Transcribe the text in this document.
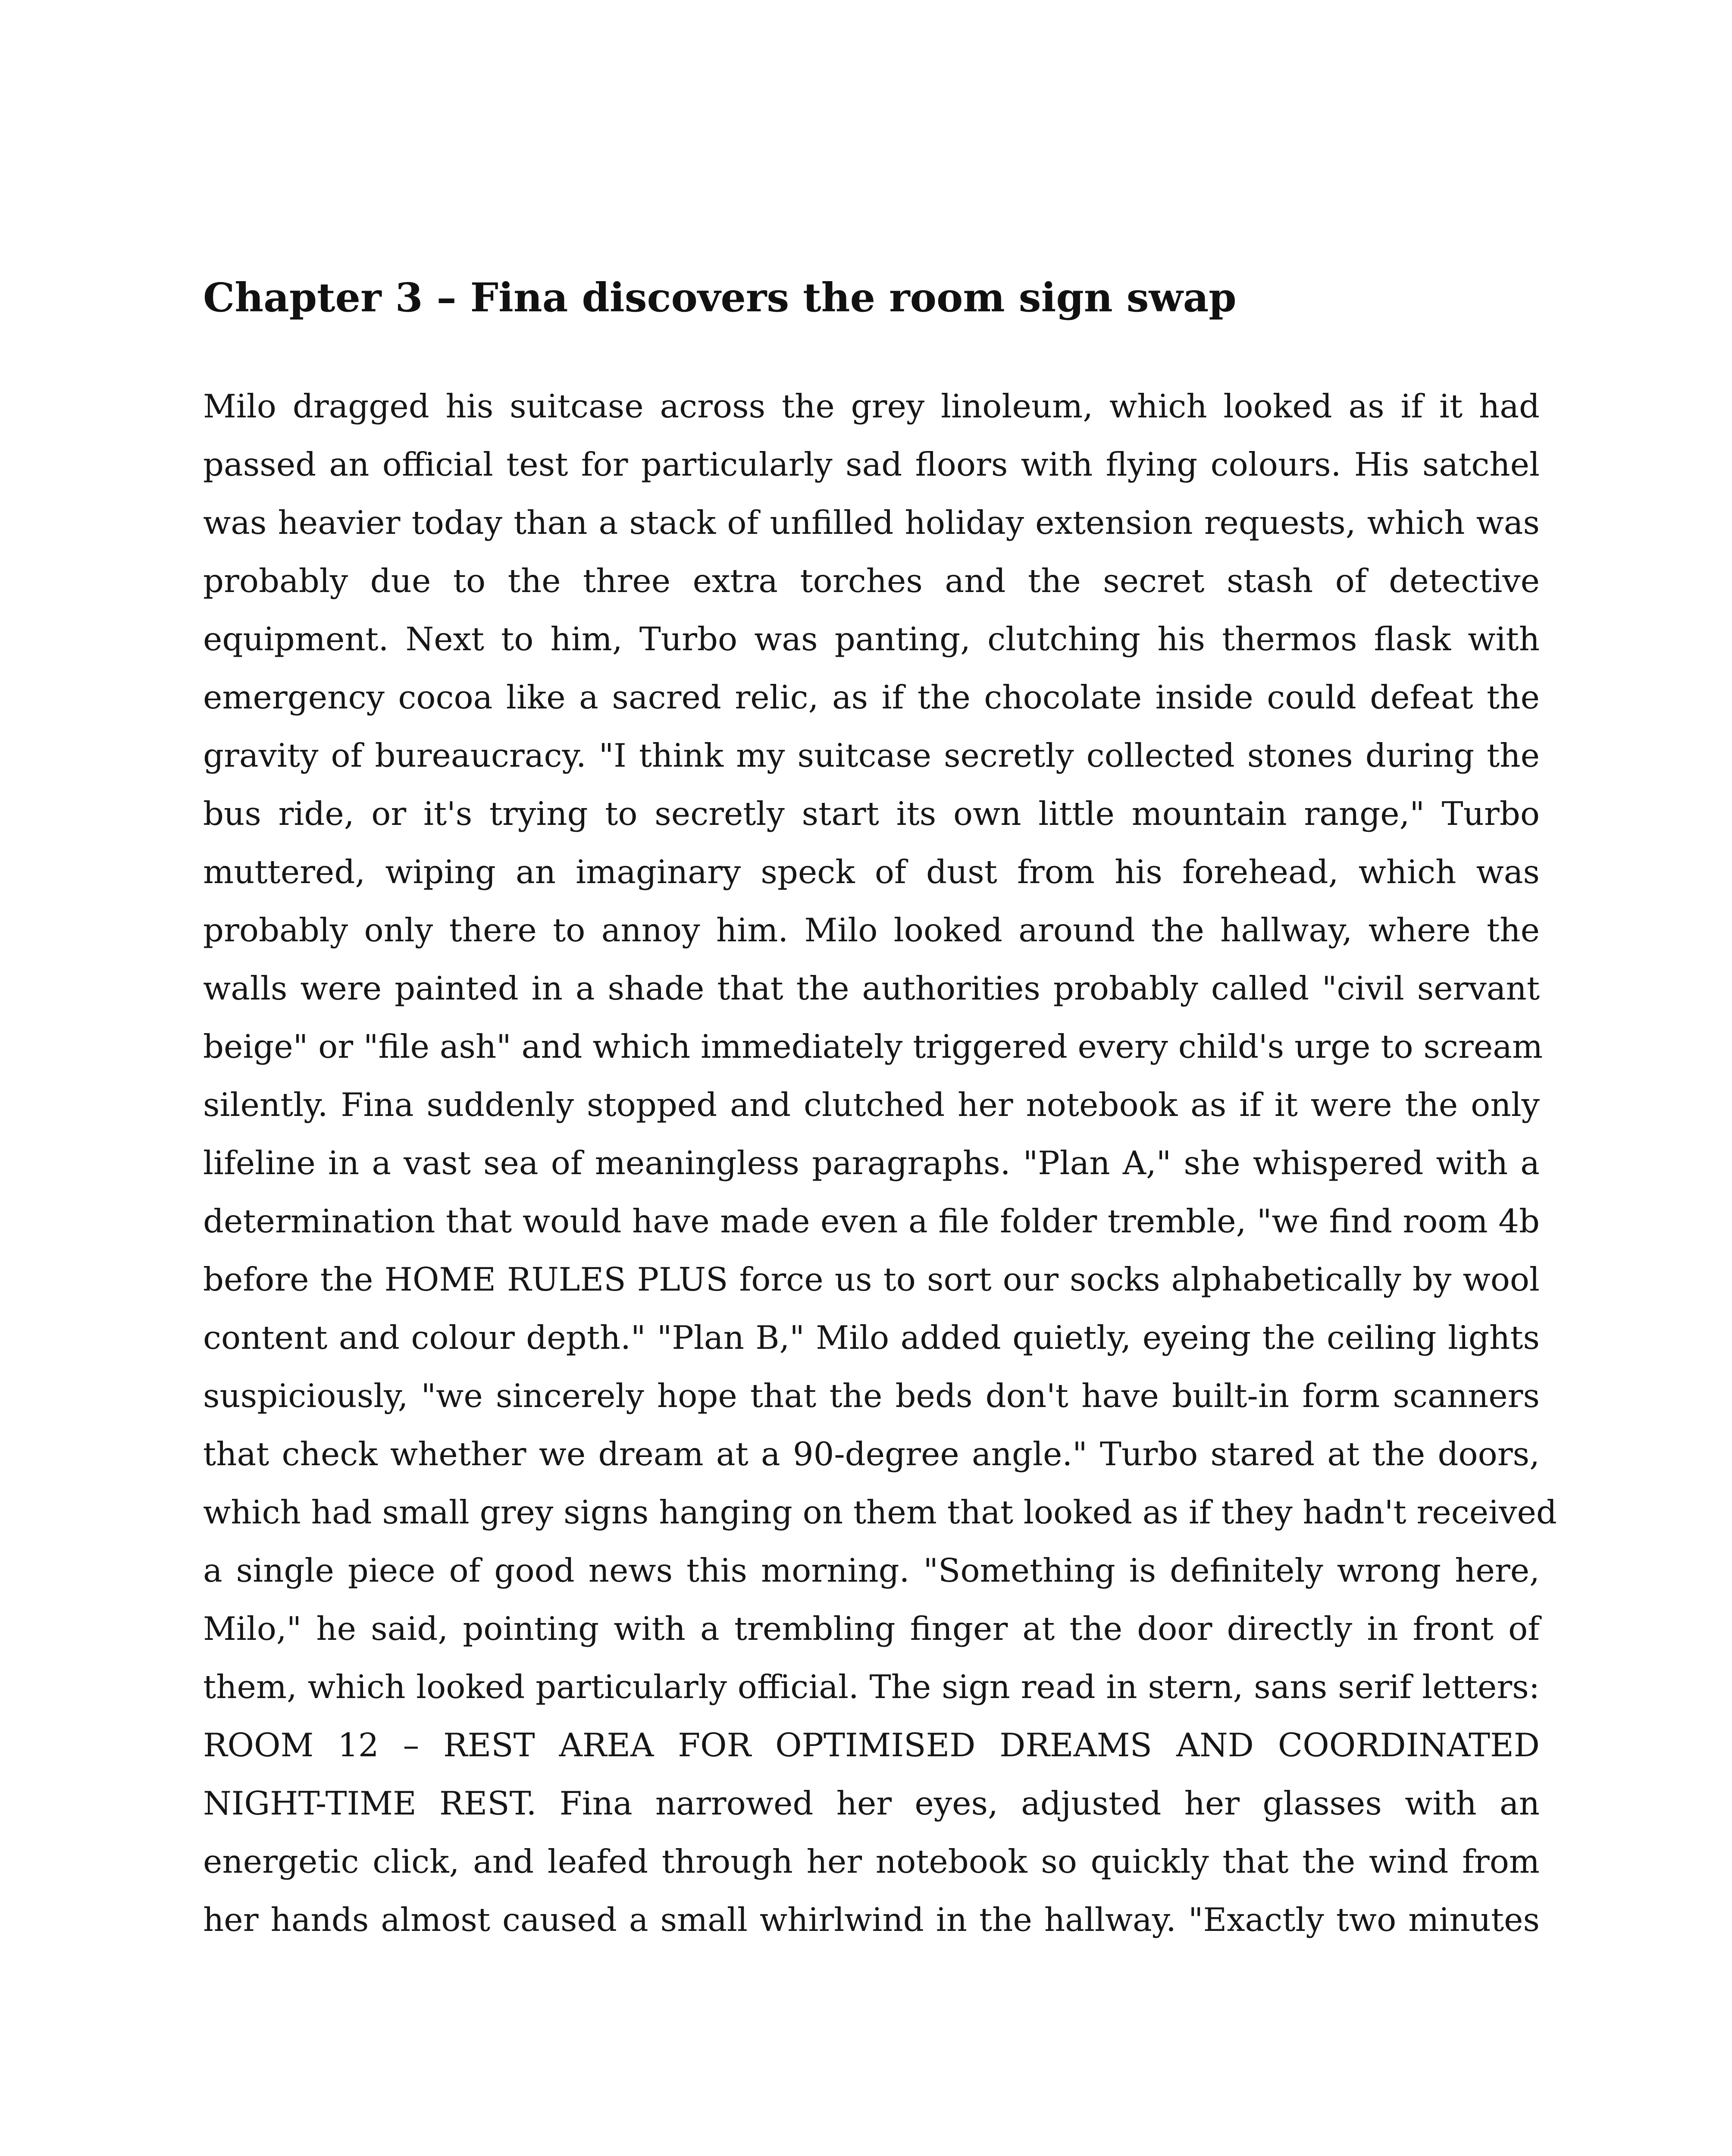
Chapter 3 – Fina discovers the room sign swap
Milo dragged his suitcase across the grey linoleum, which looked as if it had
passed an official test for particularly sad floors with flying colours. His satchel
was heavier today than a stack of unfilled holiday extension requests, which was
probably due to the three extra torches and the secret stash of detective
equipment. Next to him, Turbo was panting, clutching his thermos flask with
emergency cocoa like a sacred relic, as if the chocolate inside could defeat the
gravity of bureaucracy. "I think my suitcase secretly collected stones during the
bus ride, or it's trying to secretly start its own little mountain range," Turbo
muttered, wiping an imaginary speck of dust from his forehead, which was
probably only there to annoy him. Milo looked around the hallway, where the
walls were painted in a shade that the authorities probably called "civil servant
beige" or "file ash" and which immediately triggered every child's urge to scream
silently. Fina suddenly stopped and clutched her notebook as if it were the only
lifeline in a vast sea of meaningless paragraphs. "Plan A," she whispered with a
determination that would have made even a file folder tremble, "we find room 4b
before the HOME RULES PLUS force us to sort our socks alphabetically by wool
content and colour depth." "Plan B," Milo added quietly, eyeing the ceiling lights
suspiciously, "we sincerely hope that the beds don't have built-in form scanners
that check whether we dream at a 90-degree angle." Turbo stared at the doors,
which had small grey signs hanging on them that looked as if they hadn't received
a single piece of good news this morning. "Something is definitely wrong here,
Milo," he said, pointing with a trembling finger at the door directly in front of
them, which looked particularly official. The sign read in stern, sans serif letters:
ROOM 12 – REST AREA FOR OPTIMISED DREAMS AND COORDINATED
NIGHT-TIME REST. Fina narrowed her eyes, adjusted her glasses with an
energetic click, and leafed through her notebook so quickly that the wind from
her hands almost caused a small whirlwind in the hallway. "Exactly two minutes
